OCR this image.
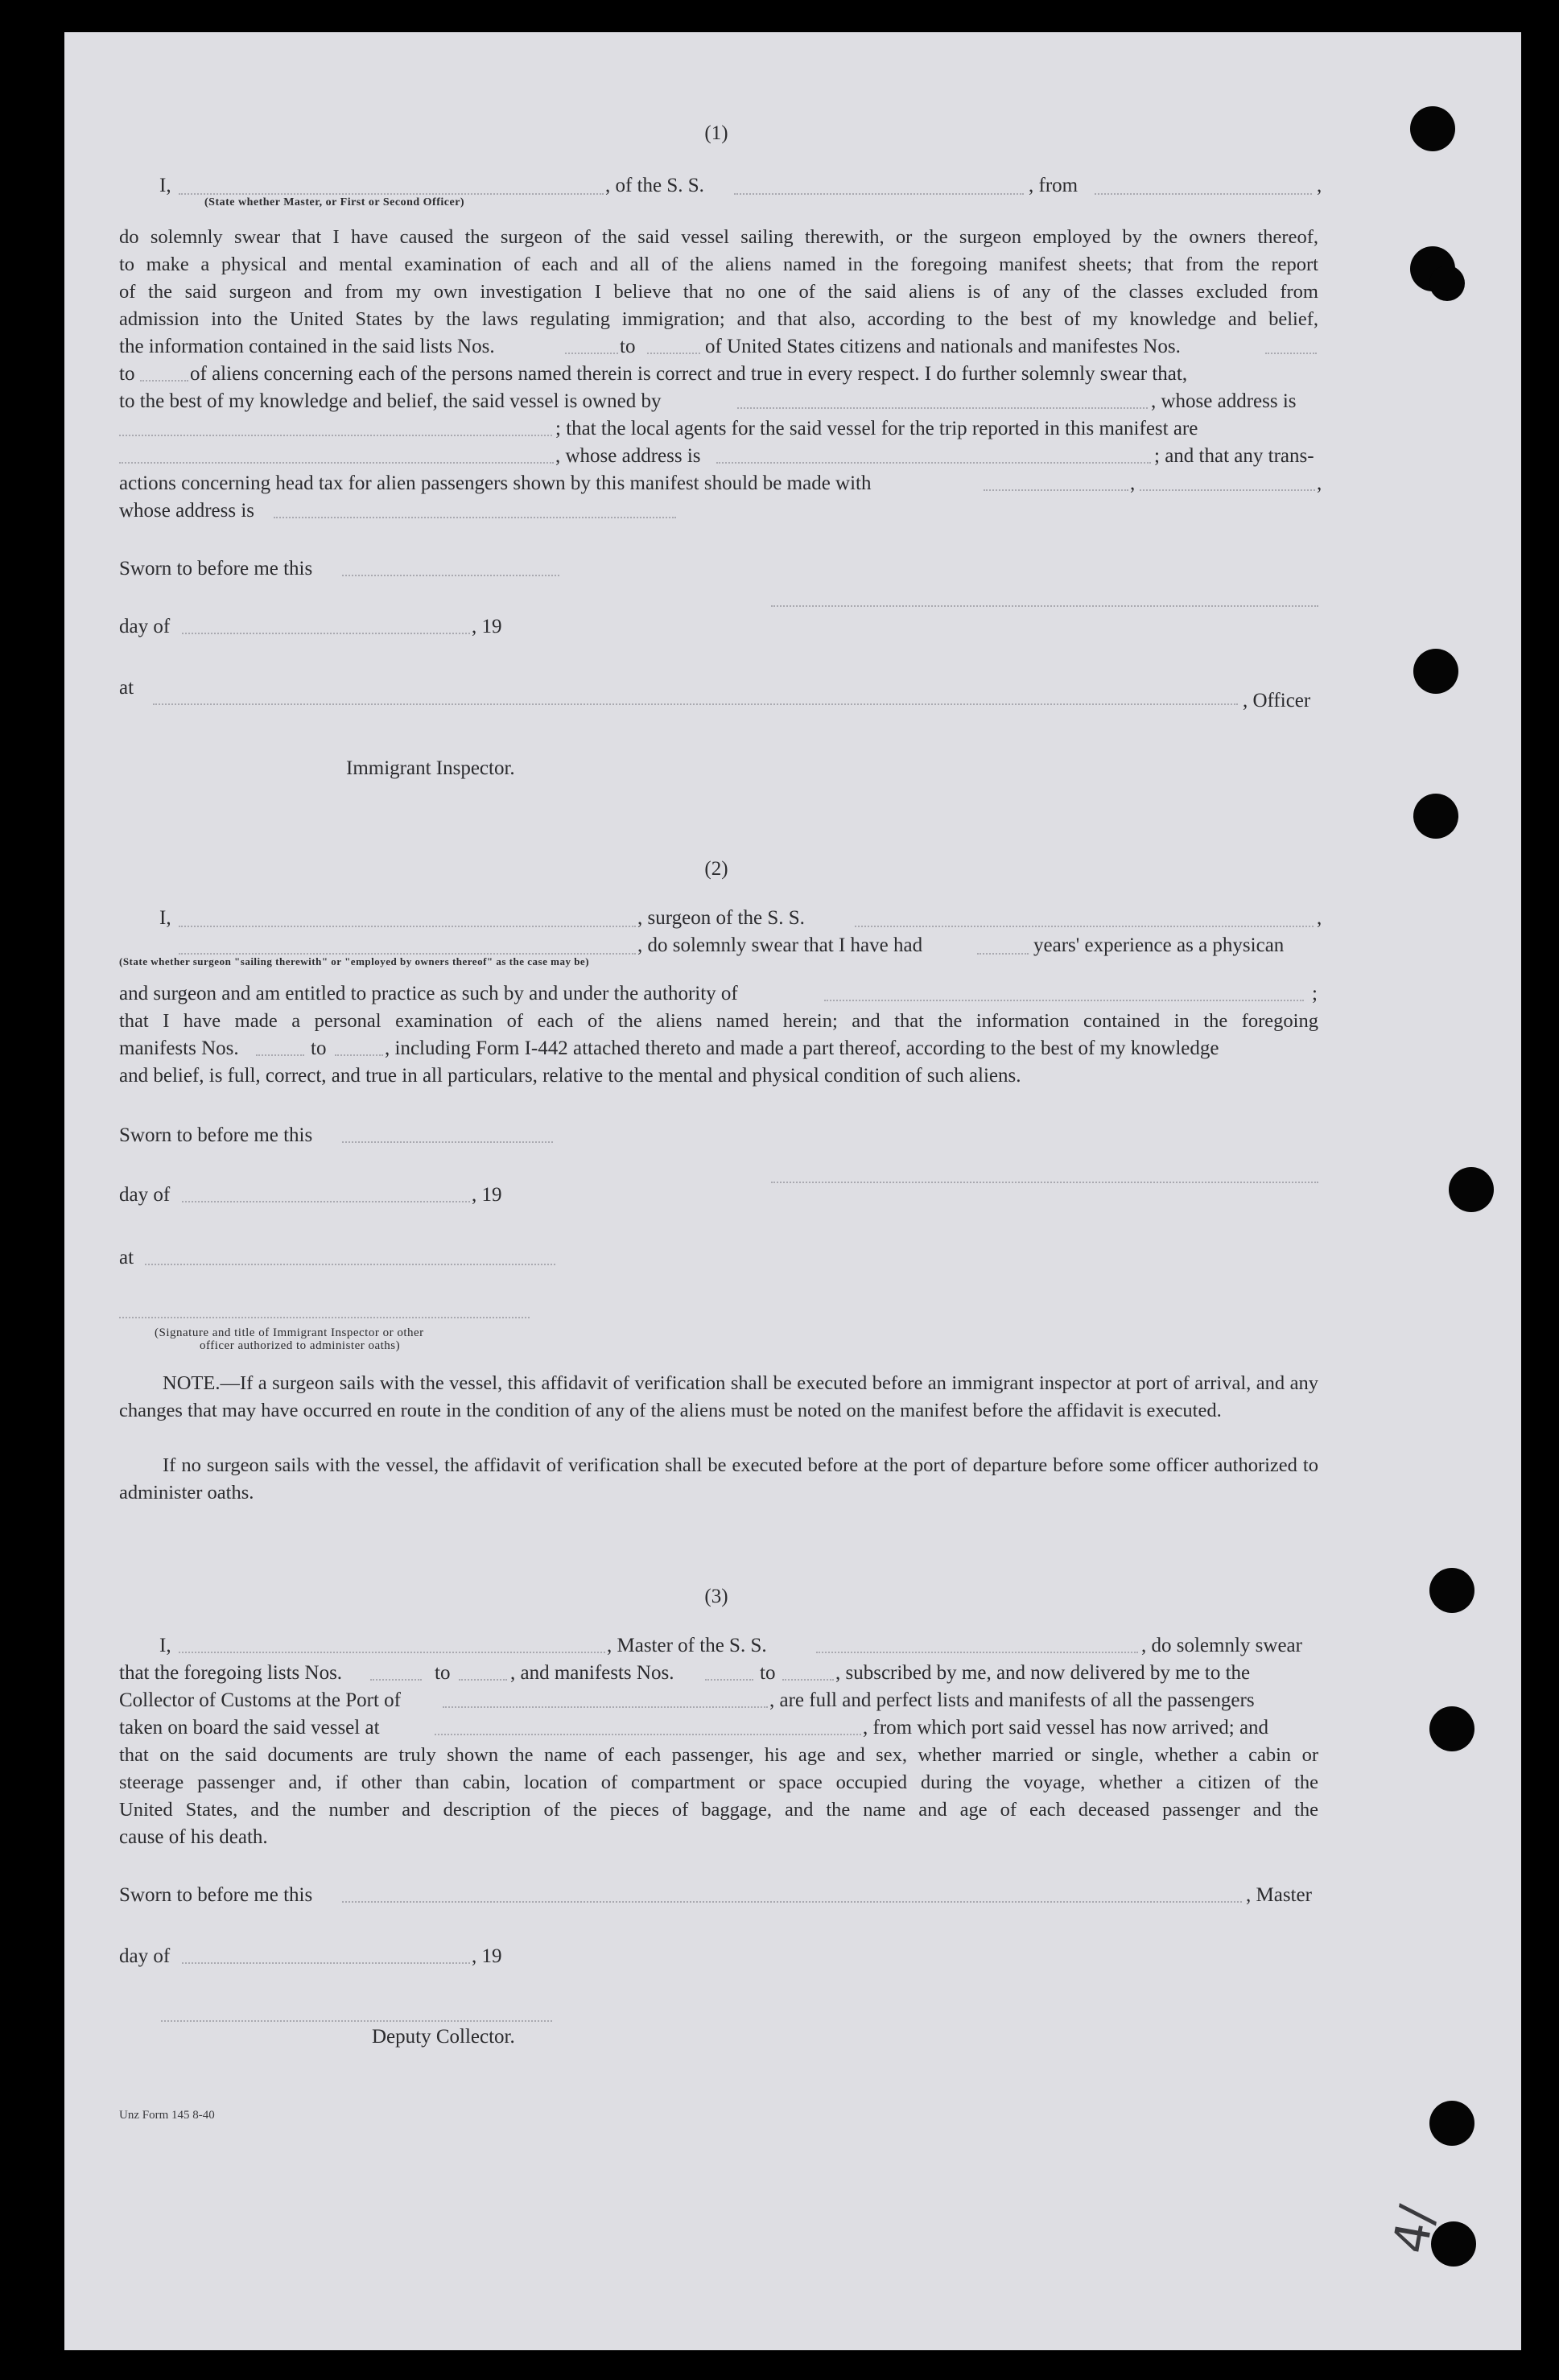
4/
(1)
I,	, of the S. S.	, from	,
(State whether Master, or First or Second Officer)
do solemnly swear that I have caused the surgeon of the said vessel sailing therewith, or the surgeon employed by the owners thereof,
to make a physical and mental examination of each and all of the aliens named in the foregoing manifest sheets; that from the report
of the said surgeon and from my own investigation I believe that no one of the said aliens is of any of the classes excluded from
admission into the United States by the laws regulating immigration; and that also, according to the best of my knowledge and belief,
the information contained in the said lists Nos.	to	of United States citizens and nationals and manifestes Nos.
to	of aliens concerning each of the persons named therein is correct and true in every respect. I do further solemnly swear that,
to the best of my knowledge and belief, the said vessel is owned by	, whose address is
; that the local agents for the said vessel for the trip reported in this manifest are
, whose address is	; and that any trans-
actions concerning head tax for alien passengers shown by this manifest should be made with	,	,
whose address is
Sworn to before me this
day of	, 19
at
, Officer
Immigrant Inspector.
(2)
I,	, surgeon of the S. S.	,
, do solemnly swear that I have had	years' experience as a physican
(State whether surgeon "sailing therewith" or "employed by owners thereof" as the case may be)
and surgeon and am entitled to practice as such by and under the authority of	;
that I have made a personal examination of each of the aliens named herein; and that the information contained in the foregoing
manifests Nos.	to	, including Form I-442 attached thereto and made a part thereof, according to the best of my knowledge
and belief, is full, correct, and true in all particulars, relative to the mental and physical condition of such aliens.
Sworn to before me this
day of	, 19
at
(Signature and title of Immigrant Inspector or other
officer authorized to administer oaths)
NOTE.—If a surgeon sails with the vessel, this affidavit of verification shall be executed before an immigrant inspector at port of arrival, and any changes that may have occurred en route in the condition of any of the aliens must be noted on the manifest before the affidavit is executed.
If no surgeon sails with the vessel, the affidavit of verification shall be executed before at the port of departure before some officer authorized to administer oaths.
(3)
I,	, Master of the S. S.	, do solemnly swear
that the foregoing lists Nos.	to	, and manifests Nos.	to	, subscribed by me, and now delivered by me to the
Collector of Customs at the Port of	, are full and perfect lists and manifests of all the passengers
taken on board the said vessel at	, from which port said vessel has now arrived; and
that on the said documents are truly shown the name of each passenger, his age and sex, whether married or single, whether a cabin or
steerage passenger and, if other than cabin, location of compartment or space occupied during the voyage, whether a citizen of the
United States, and the number and description of the pieces of baggage, and the name and age of each deceased passenger and the
cause of his death.
Sworn to before me this	, Master
day of	, 19
Deputy Collector.
Unz Form 145 8-40
